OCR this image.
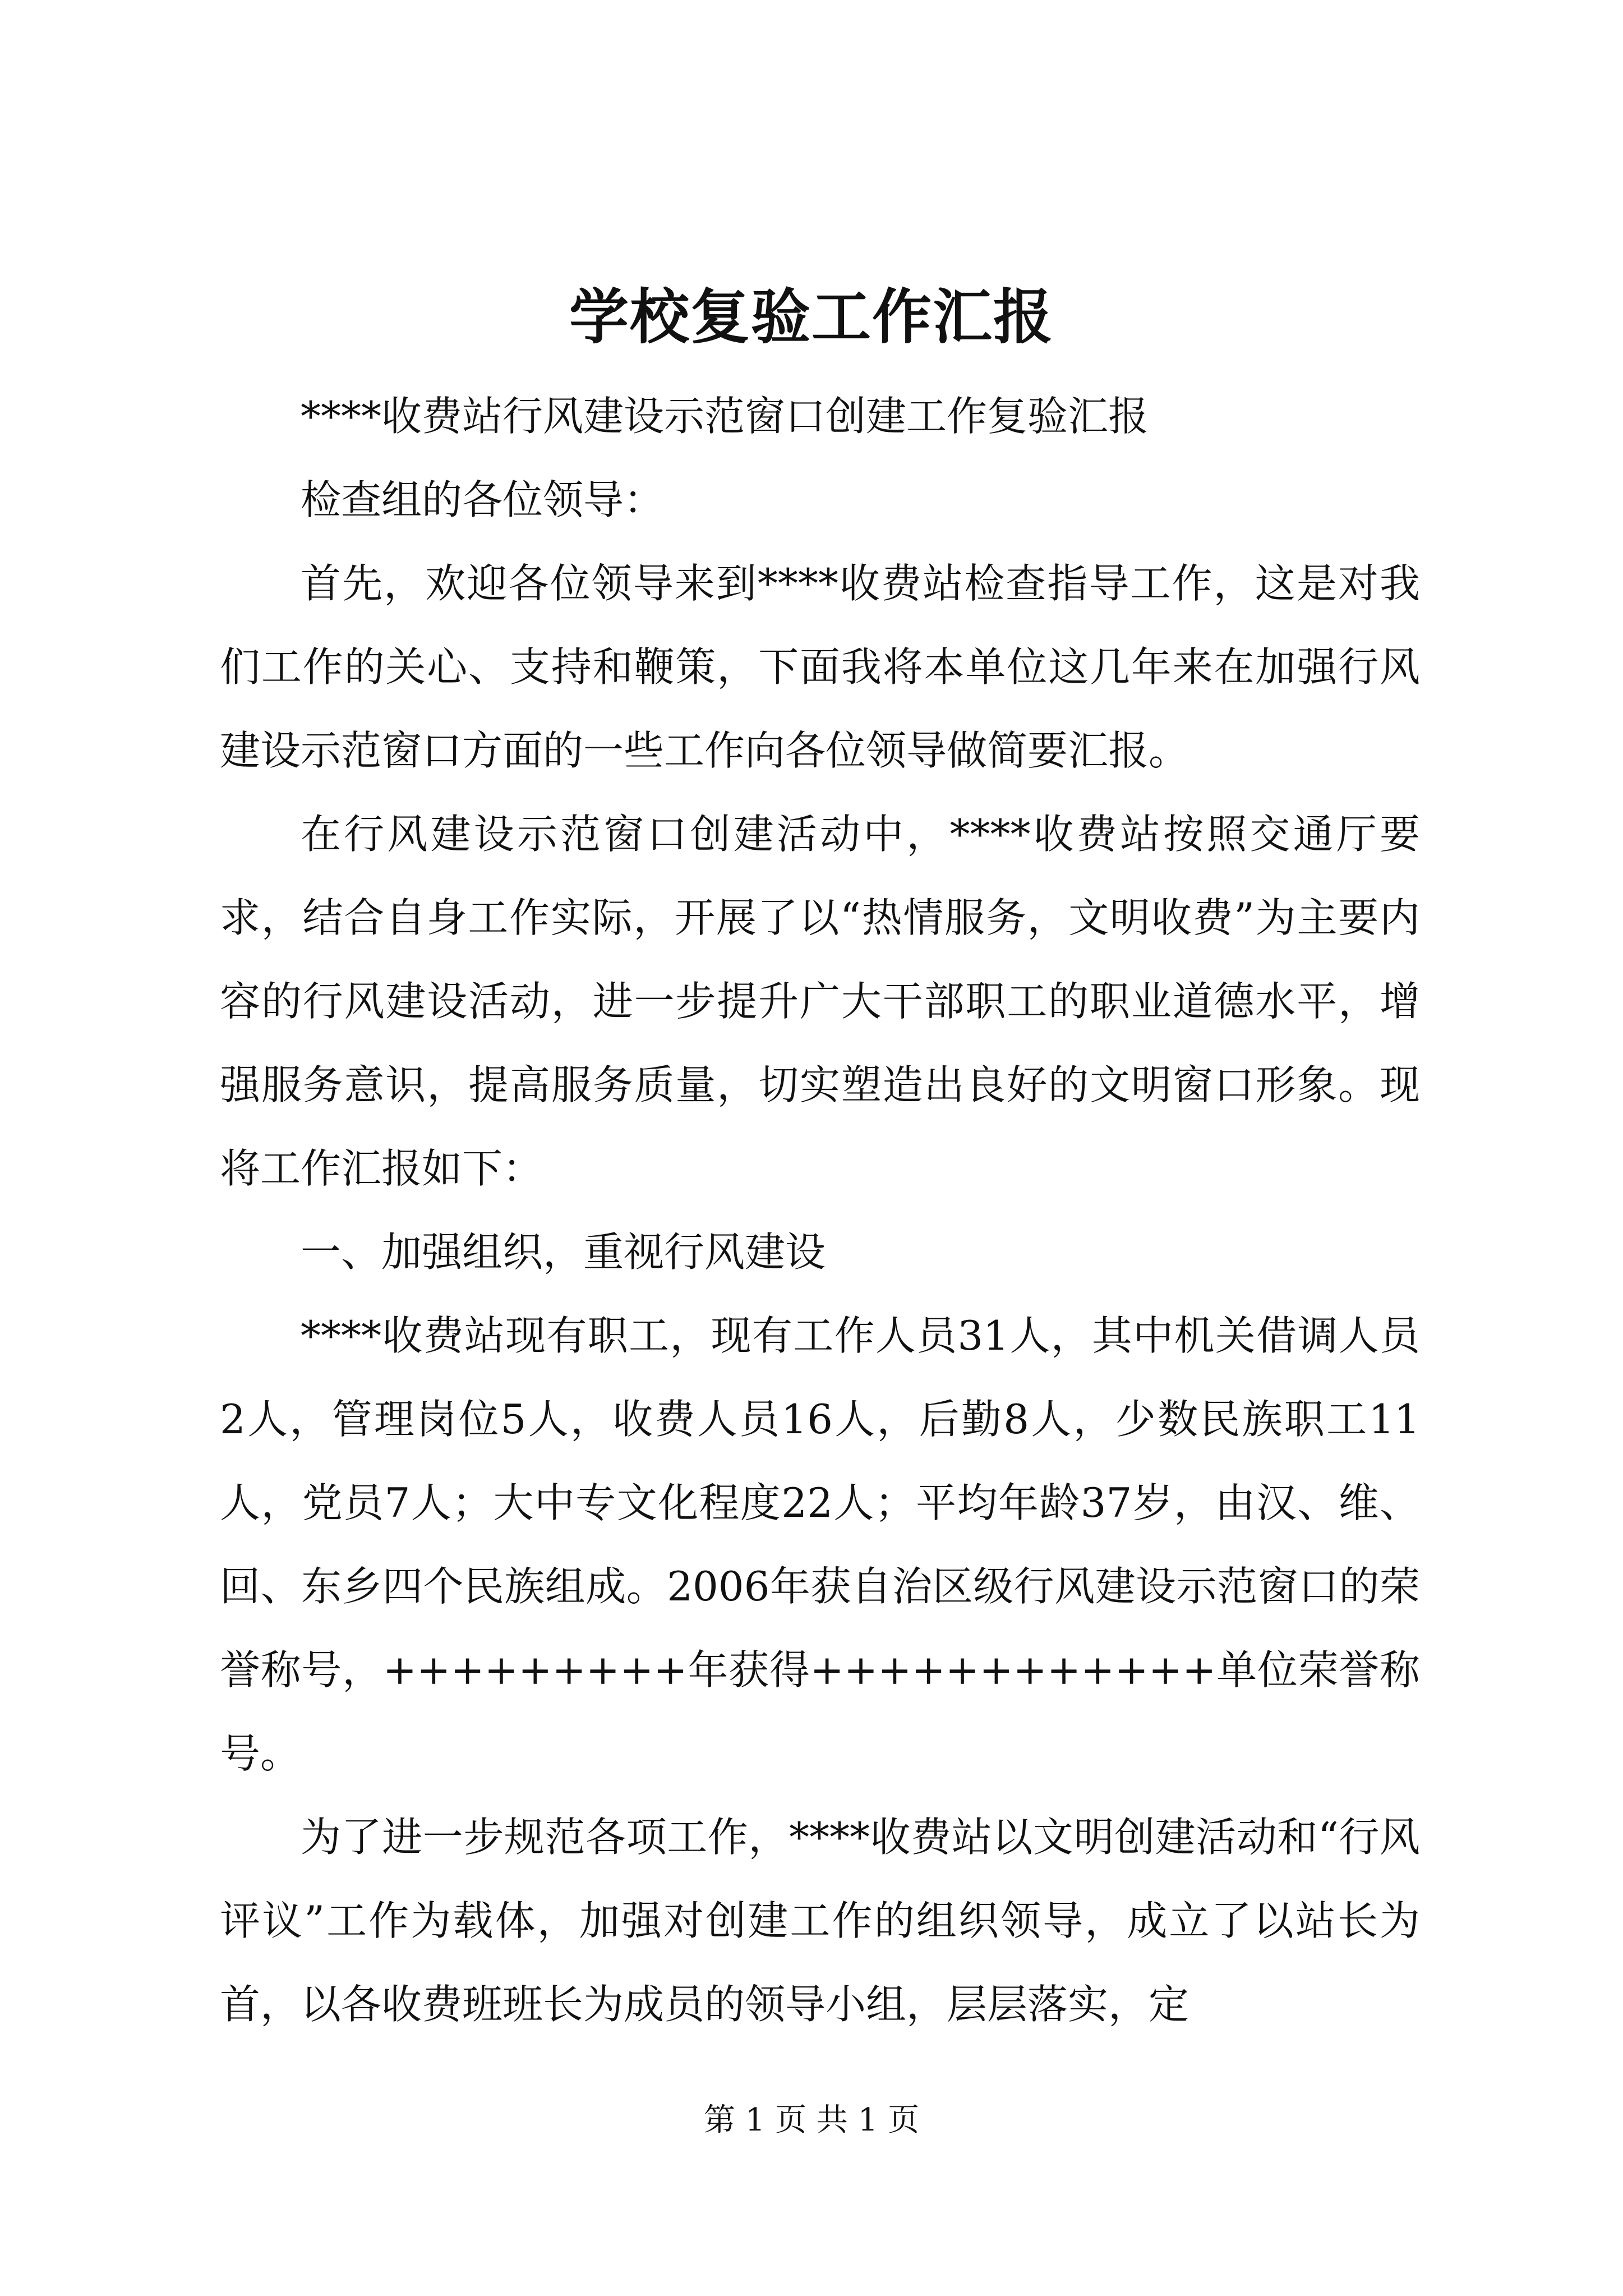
学校复验工作汇报

****收费站行风建设示范窗口创建工作复验汇报

检查组的各位领导：

首先，欢迎各位领导来到****收费站检查指导工作，这是对我们工作的关心、支持和鞭策，下面我将本单位这几年来在加强行风建设示范窗口方面的一些工作向各位领导做简要汇报。

在行风建设示范窗口创建活动中，****收费站按照交通厅要求，结合自身工作实际，开展了以“热情服务，文明收费”为主要内容的行风建设活动，进一步提升广大干部职工的职业道德水平，增强服务意识，提高服务质量，切实塑造出良好的文明窗口形象。现将工作汇报如下：

一、加强组织，重视行风建设

****收费站现有职工，现有工作人员31人，其中机关借调人员2人，管理岗位5人，收费人员16人，后勤8人，少数民族职工11人，党员7人；大中专文化程度22人；平均年龄37岁，由汉、维、回、东乡四个民族组成。2006年获自治区级行风建设示范窗口的荣誉称号，+++++++++年获得++++++++++++单位荣誉称号。

为了进一步规范各项工作，****收费站以文明创建活动和“行风评议”工作为载体，加强对创建工作的组织领导，成立了以站长为首，以各收费班班长为成员的领导小组，层层落实，定

第 1 页 共 1 页
